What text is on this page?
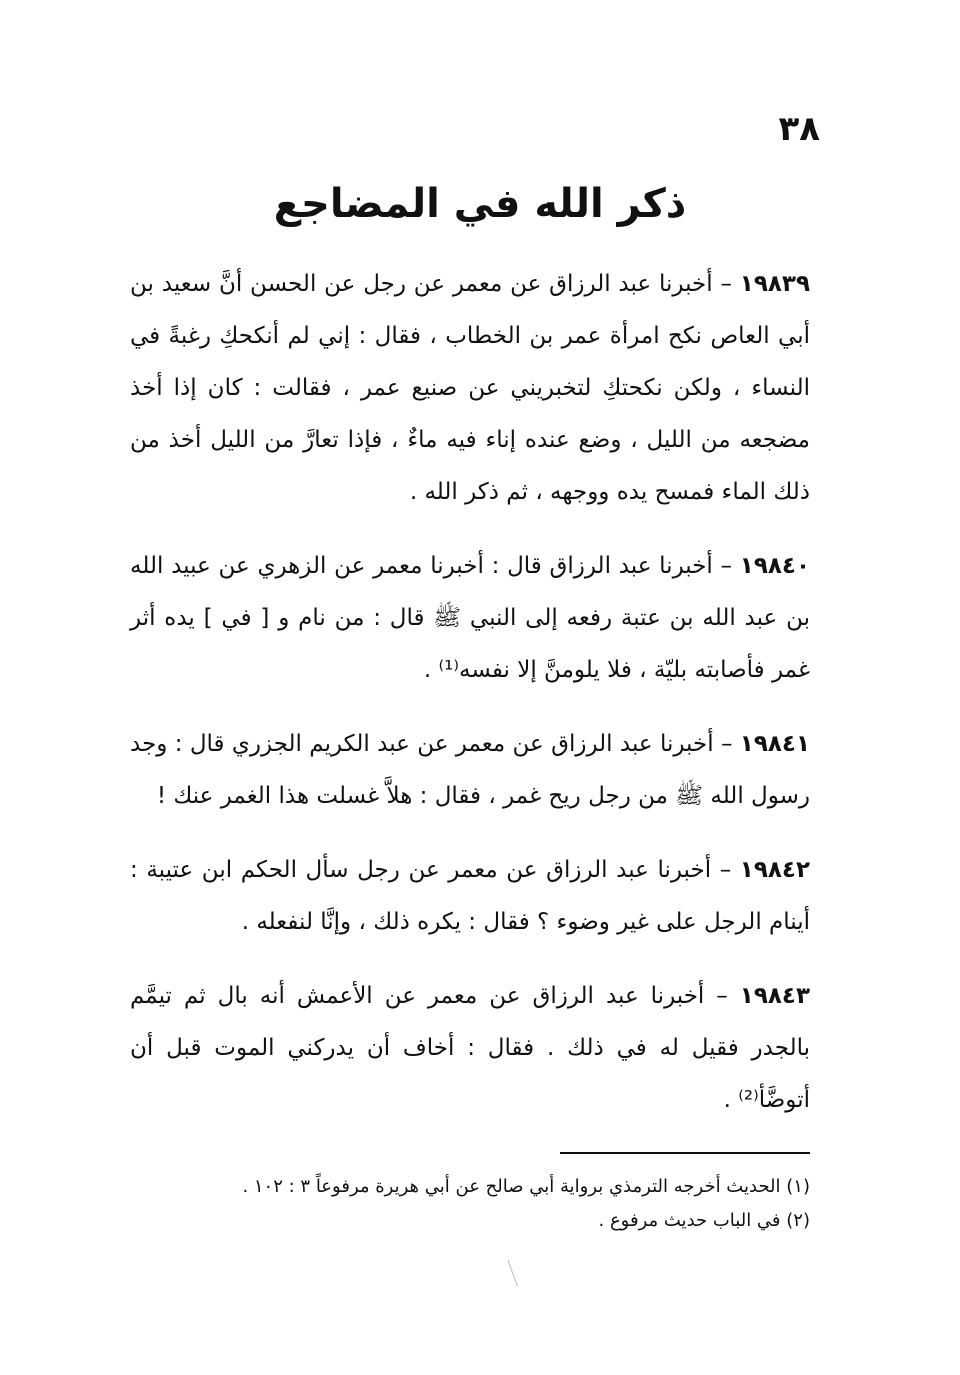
٣٨
ذكر الله في المضاجع

١٩٨٣٩ – أخبرنا عبد الرزاق عن معمر عن رجل عن الحسن أنَّ سعيد بن أبي العاص نكح امرأة عمر بن الخطاب ، فقال : إني لم أنكحكِ رغبةً في النساء ، ولكن نكحتكِ لتخبريني عن صنيع عمر ، فقالت : كان إذا أخذ مضجعه من الليل ، وضع عنده إناء فيه ماءٌ ، فإذا تعارَّ من الليل أخذ من ذلك الماء فمسح يده ووجهه ، ثم ذكر الله .

١٩٨٤٠ – أخبرنا عبد الرزاق قال : أخبرنا معمر عن الزهري عن عبيد الله بن عبد الله بن عتبة رفعه إلى النبي ﷺ قال : من نام و [ في ] يده أثر غمر فأصابته بليّة ، فلا يلومنَّ إلا نفسه⁽¹⁾ .

١٩٨٤١ – أخبرنا عبد الرزاق عن معمر عن عبد الكريم الجزري قال : وجد رسول الله ﷺ من رجل ريح غمر ، فقال : هلاَّ غسلت هذا الغمر عنك !

١٩٨٤٢ – أخبرنا عبد الرزاق عن معمر عن رجل سأل الحكم ابن عتيبة : أينام الرجل على غير وضوء ؟ فقال : يكره ذلك ، وإنَّا لنفعله .

١٩٨٤٣ – أخبرنا عبد الرزاق عن معمر عن الأعمش أنه بال ثم تيمَّم بالجدر فقيل له في ذلك . فقال : أخاف أن يدركني الموت قبل أن أتوضَّأ⁽²⁾ .

(١) الحديث أخرجه الترمذي برواية أبي صالح عن أبي هريرة مرفوعاً ٣ : ١٠٢ .

(٢) في الباب حديث مرفوع .
